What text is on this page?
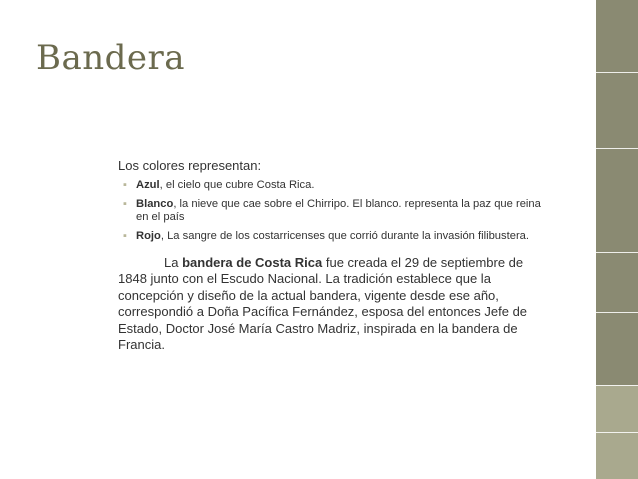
Bandera

Los colores representan:

▪ Azul, el cielo que cubre Costa Rica.
▪ Blanco, la nieve que cae sobre el Chirripo. El blanco. representa la paz que reina en el país
▪ Rojo, La sangre de los costarricenses que corrió durante la invasión filibustera.

La bandera de Costa Rica fue creada el 29 de septiembre de 1848 junto con el Escudo Nacional. La tradición establece que la concepción y diseño de la actual bandera, vigente desde ese año, correspondió a Doña Pacífica Fernández, esposa del entonces Jefe de Estado, Doctor José María Castro Madriz, inspirada en la bandera de Francia.
